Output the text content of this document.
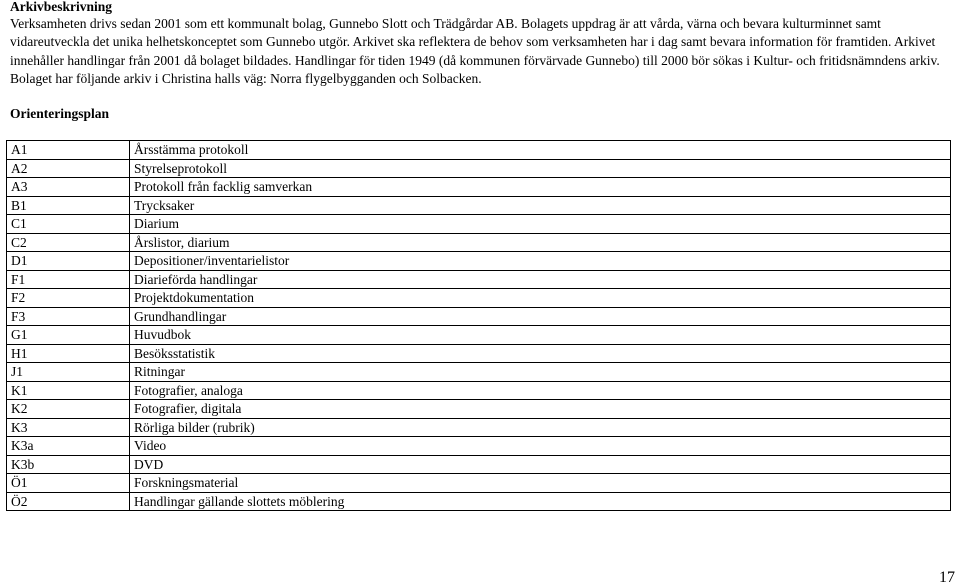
Arkivbeskrivning
Verksamheten drivs sedan 2001 som ett kommunalt bolag, Gunnebo Slott och Trädgårdar AB. Bolagets uppdrag är att vårda, värna och bevara kulturminnet samt vidareutveckla det unika helhetskonceptet som Gunnebo utgör. Arkivet ska reflektera de behov som verksamheten har i dag samt bevara information för framtiden. Arkivet innehåller handlingar från 2001 då bolaget bildades. Handlingar för tiden 1949 (då kommunen förvärvade Gunnebo) till 2000 bör sökas i Kultur- och fritidsnämndens arkiv. Bolaget har följande arkiv i Christina halls väg: Norra flygelbygganden och Solbacken.
Orienteringsplan
A1	Årsstämma protokoll
A2	Styrelseprotokoll
A3	Protokoll från facklig samverkan
B1	Trycksaker
C1	Diarium
C2	Årslistor, diarium
D1	Depositioner/inventarielistor
F1	Diarieförda handlingar
F2	Projektdokumentation
F3	Grundhandlingar
G1	Huvudbok
H1	Besöksstatistik
J1	Ritningar
K1	Fotografier, analoga
K2	Fotografier, digitala
K3	Rörliga bilder (rubrik)
K3a	Video
K3b	DVD
Ö1	Forskningsmaterial
Ö2	Handlingar gällande slottets möblering
17
